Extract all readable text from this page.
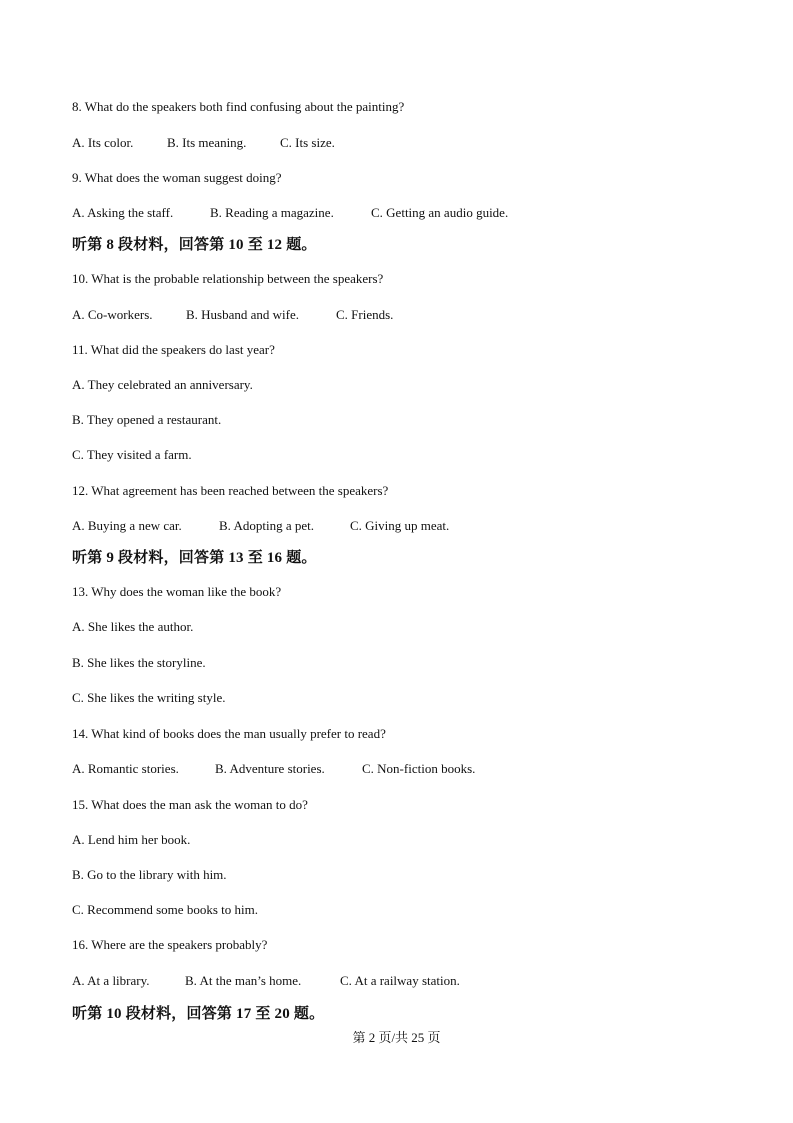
8. What do the speakers both find confusing about the painting?
A. Its color.	B. Its meaning.	C. Its size.
9. What does the woman suggest doing?
A. Asking the staff.	B. Reading a magazine.	C. Getting an audio guide.
听第 8 段材料，回答第 10 至 12 题。
10. What is the probable relationship between the speakers?
A. Co-workers.	B. Husband and wife.	C. Friends.
11. What did the speakers do last year?
A. They celebrated an anniversary.
B. They opened a restaurant.
C. They visited a farm.
12. What agreement has been reached between the speakers?
A. Buying a new car.	B. Adopting a pet.	C. Giving up meat.
听第 9 段材料，回答第 13 至 16 题。
13. Why does the woman like the book?
A. She likes the author.
B. She likes the storyline.
C. She likes the writing style.
14. What kind of books does the man usually prefer to read?
A. Romantic stories.	B. Adventure stories.	C. Non-fiction books.
15. What does the man ask the woman to do?
A. Lend him her book.
B. Go to the library with him.
C. Recommend some books to him.
16. Where are the speakers probably?
A. At a library.	B. At the man’s home.	C. At a railway station.
听第 10 段材料，回答第 17 至 20 题。
第 2 页/共 25 页
